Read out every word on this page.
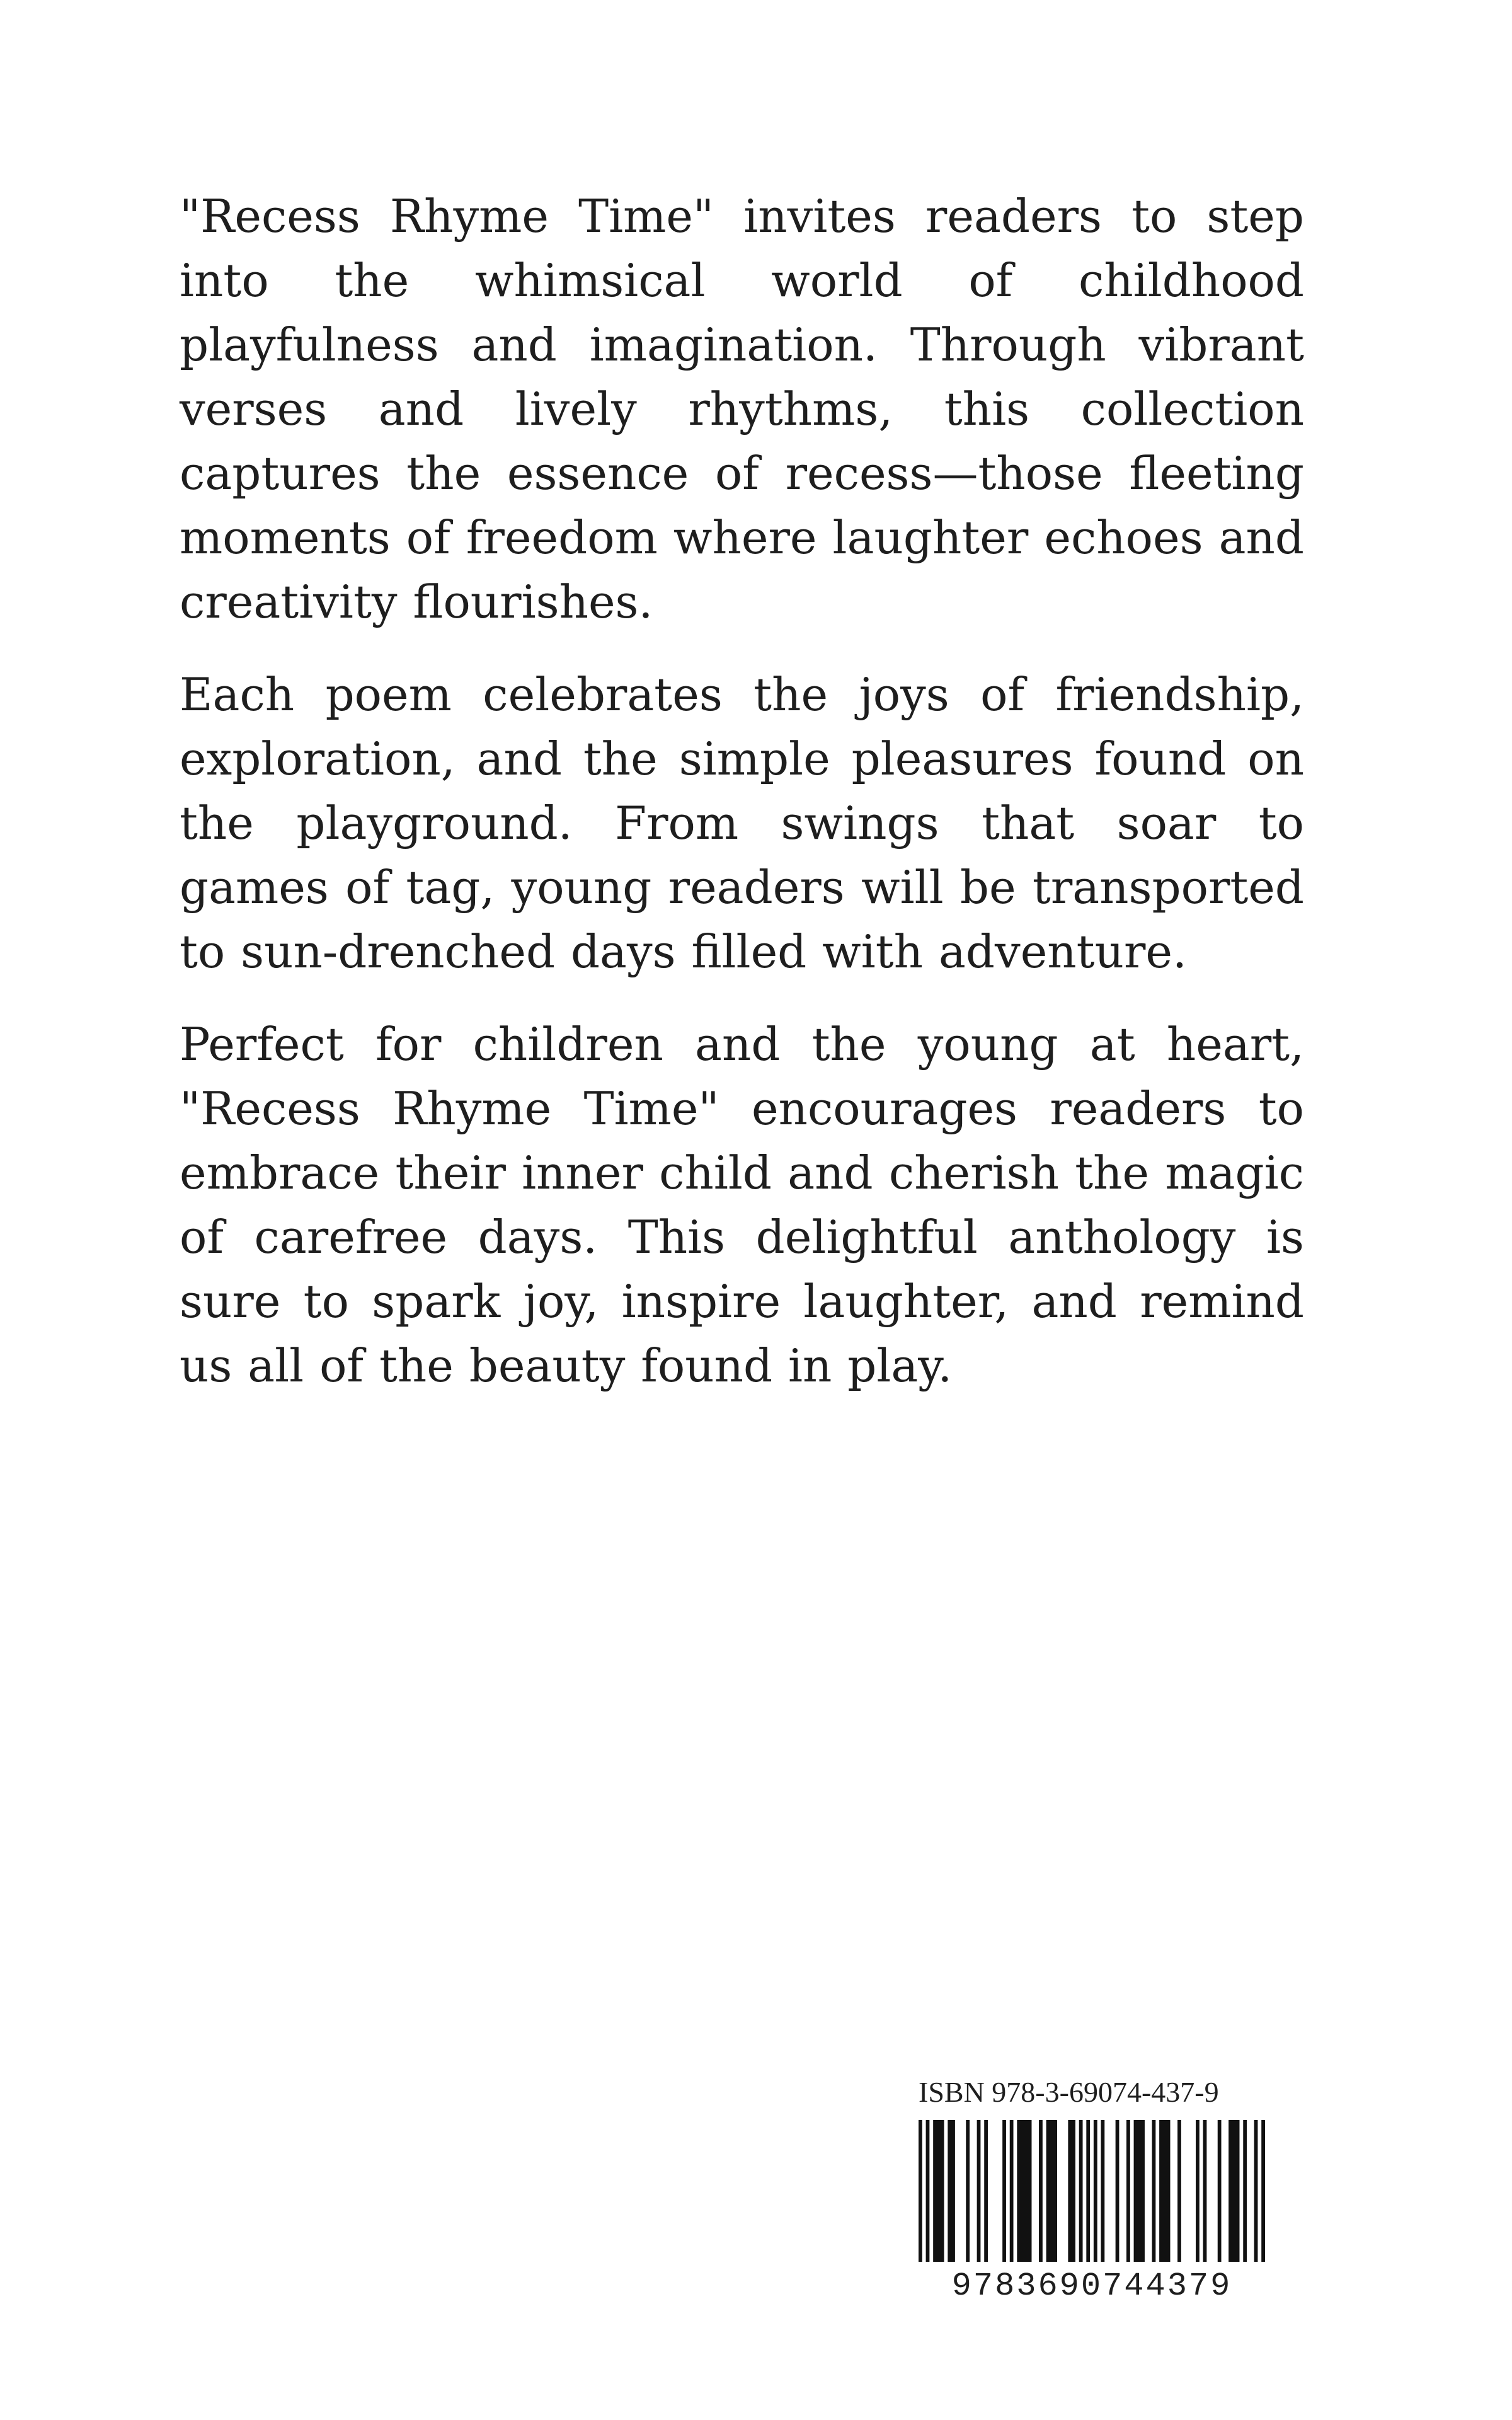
"Recess Rhyme Time" invites readers to step into the whimsical world of childhood playfulness and imagination. Through vibrant verses and lively rhythms, this collection captures the essence of recess—those fleeting moments of freedom where laughter echoes and creativity flourishes.

Each poem celebrates the joys of friendship, exploration, and the simple pleasures found on the playground. From swings that soar to games of tag, young readers will be transported to sun-drenched days filled with adventure.

Perfect for children and the young at heart, "Recess Rhyme Time" encourages readers to embrace their inner child and cherish the magic of carefree days. This delightful anthology is sure to spark joy, inspire laughter, and remind us all of the beauty found in play.

ISBN 978-3-69074-437-9
9783690744379
